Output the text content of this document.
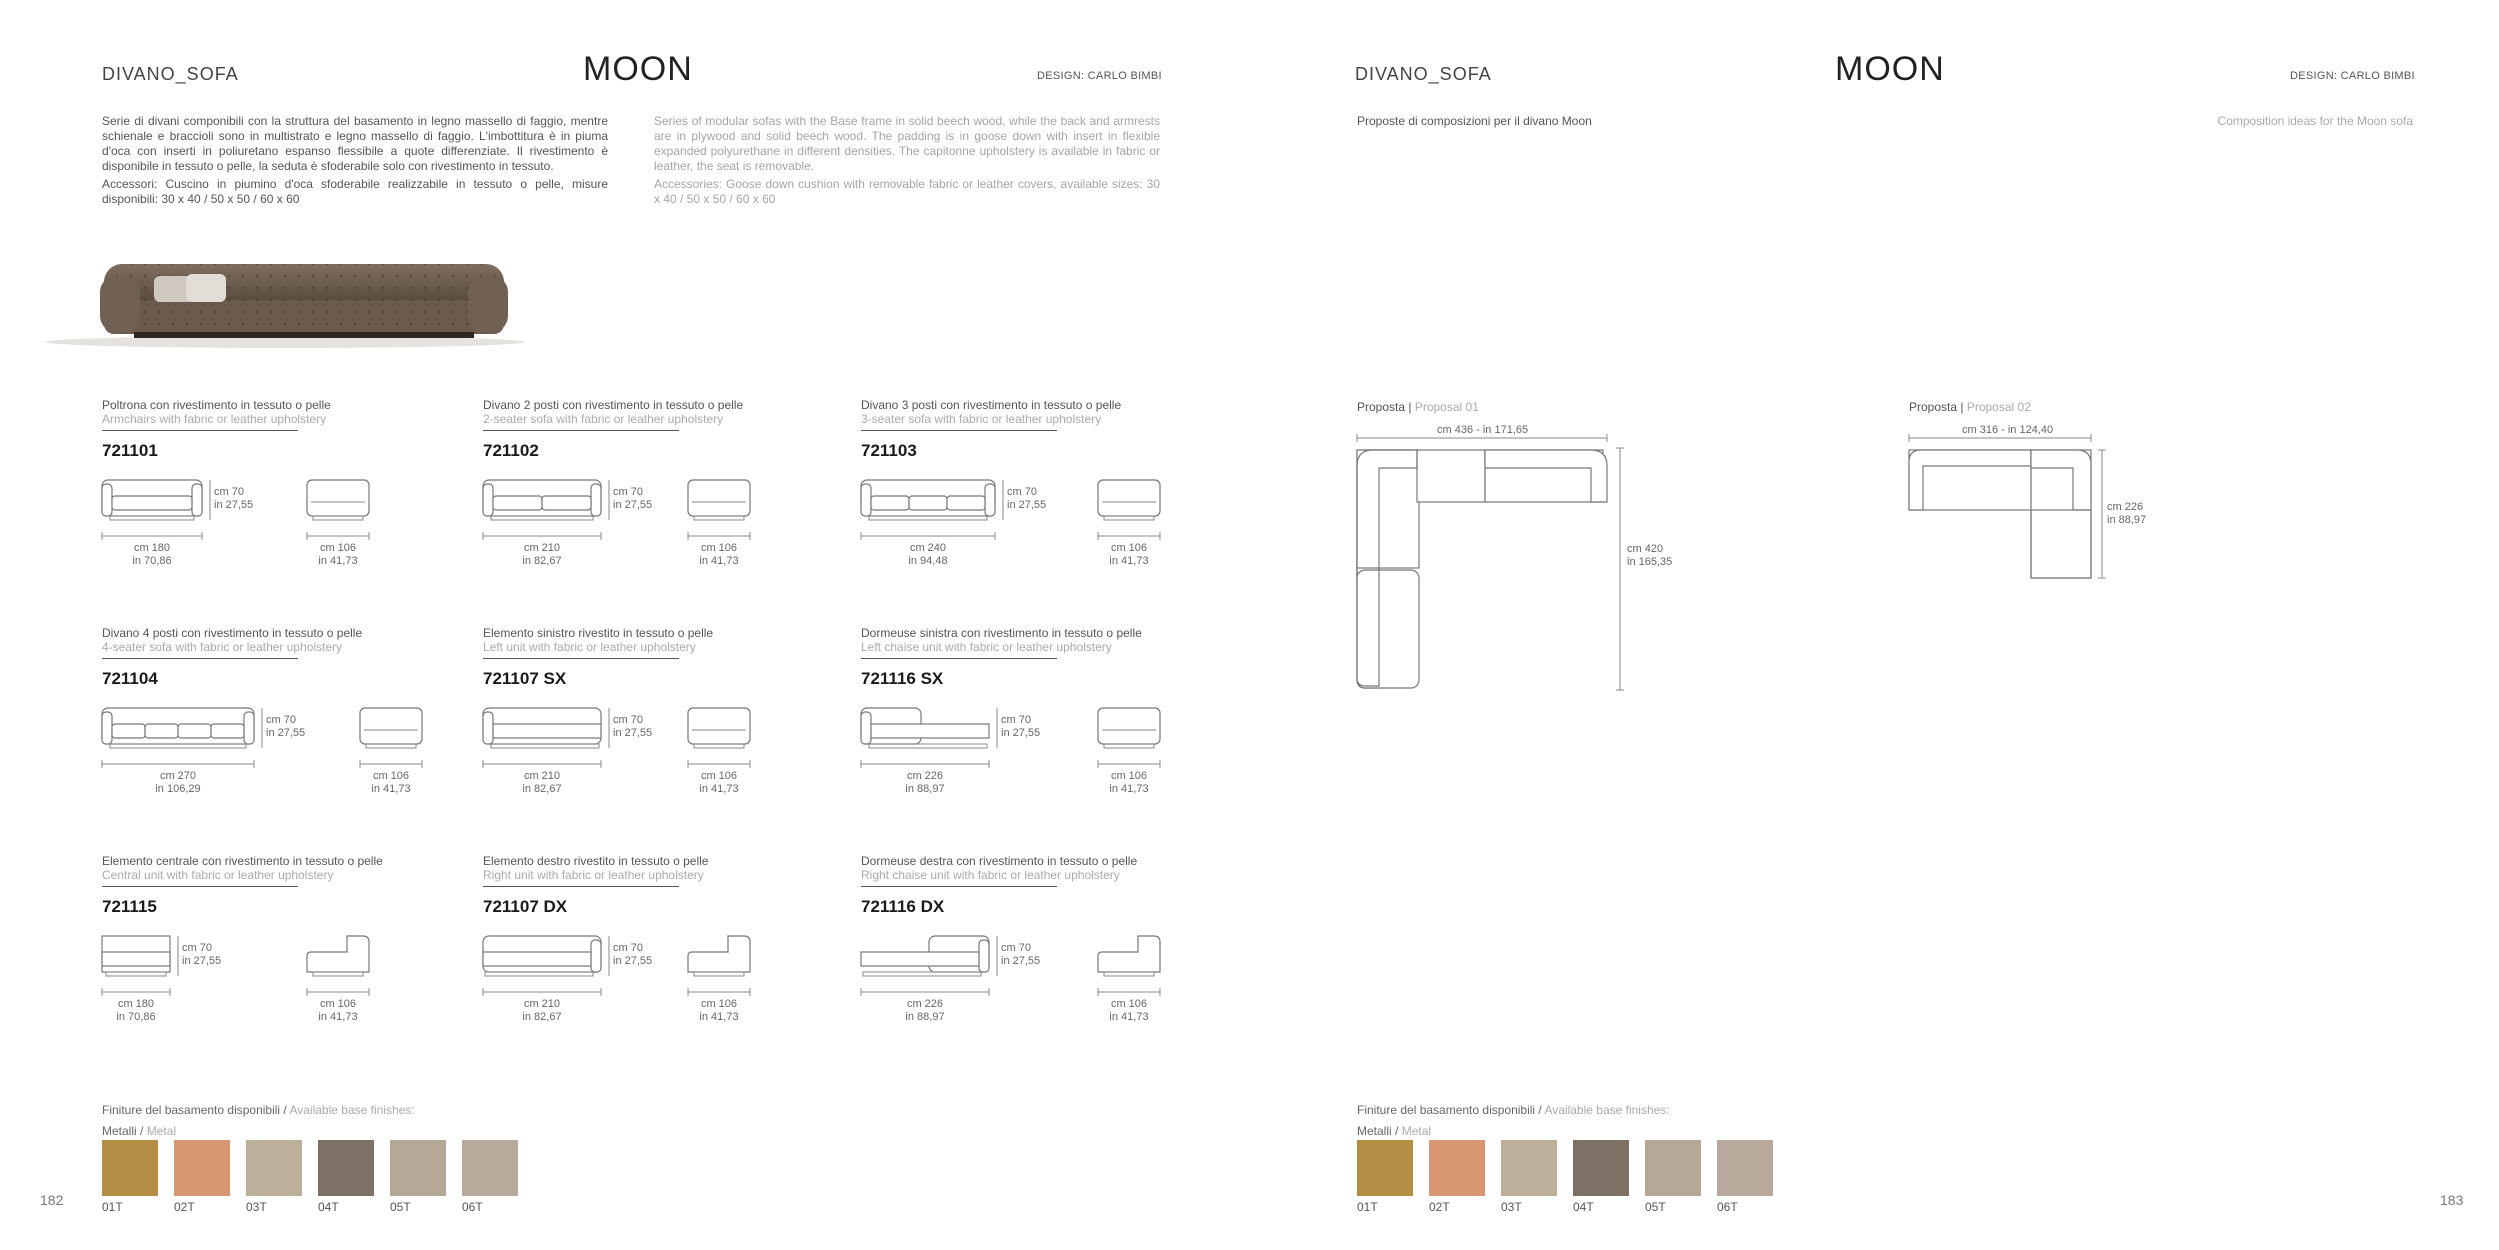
DIVANO_SOFA	MOON	DESIGN: CARLO BIMBI
Serie di divani componibili con la struttura del basamento in legno massello di faggio, mentre schienale e braccioli sono in multistrato e legno massello di faggio. L'imbottitura è in piuma d'oca con inserti in poliuretano espanso flessibile a quote differenziate. Il rivestimento è disponibile in tessuto o pelle, la seduta è sfoderabile solo con rivestimento in tessuto.
Accessori: Cuscino in piumino d'oca sfoderabile realizzabile in tessuto o pelle, misure disponibili: 30 x 40 / 50 x 50 / 60 x 60
Series of modular sofas with the Base frame in solid beech wood, while the back and armrests are in plywood and solid beech wood. The padding is in goose down with insert in flexible expanded polyurethane in different densities. The capitonne upholstery is available in fabric or leather, the seat is removable.
Accessories: Goose down cushion with removable fabric or leather covers, available sizes: 30 x 40 / 50 x 50 / 60 x 60
Poltrona con rivestimento in tessuto o pelle
Armchairs with fabric or leather upholstery
721101
cm 70
in 27,55
cm 180
in 70,86
cm 106
in 41,73
Divano 2 posti con rivestimento in tessuto o pelle
2-seater sofa with fabric or leather upholstery
721102
cm 70
in 27,55
cm 210
in 82,67
cm 106
in 41,73
Divano 3 posti con rivestimento in tessuto o pelle
3-seater sofa with fabric or leather upholstery
721103
cm 70
in 27,55
cm 240
in 94,48
cm 106
in 41,73
Divano 4 posti con rivestimento in tessuto o pelle
4-seater sofa with fabric or leather upholstery
721104
cm 70
in 27,55
cm 270
in 106,29
cm 106
in 41,73
Elemento sinistro rivestito in tessuto o pelle
Left unit with fabric or leather upholstery
721107 SX
cm 70
in 27,55
cm 210
in 82,67
cm 106
in 41,73
Dormeuse sinistra con rivestimento in tessuto o pelle
Left chaise unit with fabric or leather upholstery
721116 SX
cm 70
in 27,55
cm 226
in 88,97
cm 106
in 41,73
Elemento centrale con rivestimento in tessuto o pelle
Central unit with fabric or leather upholstery
721115
cm 70
in 27,55
cm 180
in 70,86
cm 106
in 41,73
Elemento destro rivestito in tessuto o pelle
Right unit with fabric or leather upholstery
721107 DX
cm 70
in 27,55
cm 210
in 82,67
cm 106
in 41,73
Dormeuse destra con rivestimento in tessuto o pelle
Right chaise unit with fabric or leather upholstery
721116 DX
cm 70
in 27,55
cm 226
in 88,97
cm 106
in 41,73
Finiture del basamento disponibili / Available base finishes:
Metalli / Metal
01T	02T	03T	04T	05T	06T
182
DIVANO_SOFA	MOON	DESIGN: CARLO BIMBI
Proposte di composizioni per il divano Moon	Composition ideas for the Moon sofa
Proposta | Proposal 01
cm 436 - in 171,65
cm 420
in 165,35
Proposta | Proposal 02
cm 316 - in 124,40
cm 226
in 88,97
Finiture del basamento disponibili / Available base finishes:
Metalli / Metal
01T	02T	03T	04T	05T	06T	183
